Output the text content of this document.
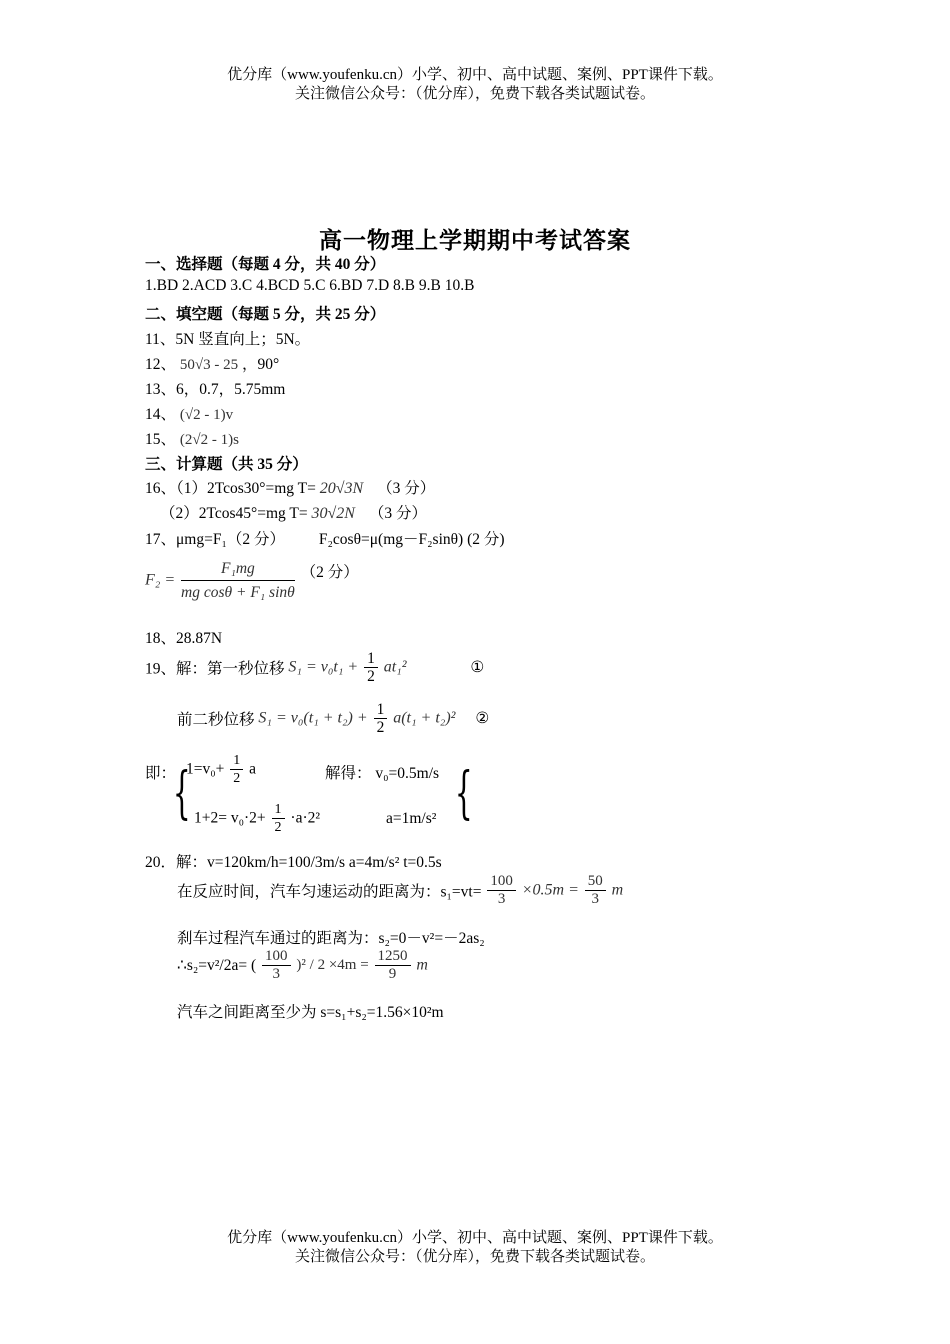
优分库（www.youfenku.cn）小学、初中、高中试题、案例、PPT课件下载。
关注微信公众号：（优分库），免费下载各类试题试卷。
高一物理上学期期中考试答案
一、选择题（每题 4 分，共 40 分）
1.BD 2.ACD 3.C 4.BCD 5.C 6.BD 7.D 8.B 9.B 10.B
二、填空题（每题 5 分，共 25 分）
11、5N 竖直向上；5N。
12、 50√3 - 25 ，90°
13、6，0.7，5.75mm
14、 (√2 - 1)v
15、 (2√2 - 1)s
三、计算题（共 35 分）
16、（1）2Tcos30°=mg T= 20√3N （3 分）
（2）2Tcos45°=mg T= 30√2N （3 分）
17、μmg=F₁（2 分） F₂cosθ=μ(mg－F₂sinθ) (2 分)
$F_2 = \frac{\text{F₁mg}}{\text{mg cosθ + F₁ sinθ}} (2$ 分）
18、28.87N
19、解：第一秒位移 $S_1 = v_0t_1 + \frac{1}{2} at_1^2$	①
前二秒位移 $S_1 = v_0(t_1 + t_2) + \frac{1}{2} a(t_1 + t_2)^2$ ②
即：
{
$1=v_0+ \frac{1}{2}$ a	解得： v₀=0.5m/s {
$1+2= v_0\cdot 2+ \frac{1}{2} \cdot a\cdot 2^2$	a=1m/s²
20．解：v=120km/h=100/3m/s a=4m/s² t=0.5s
在反应时间，汽车匀速运动的距离为：$s_1=vt= \frac{100}{3} \times 0.5m = \frac{50}{3}$ m
刹车过程汽车通过的距离为：s₂=0－v²=－2as₂
∴s₂=v²/2a= ( $\frac{100}{3} )^2 / 2 \times 4m = \frac{1250}{9}$ m
汽车之间距离至少为 s=s₁+s₂=1.56×10²m
优分库（www.youfenku.cn）小学、初中、高中试题、案例、PPT课件下载。
关注微信公众号：（优分库），免费下载各类试题试卷。
